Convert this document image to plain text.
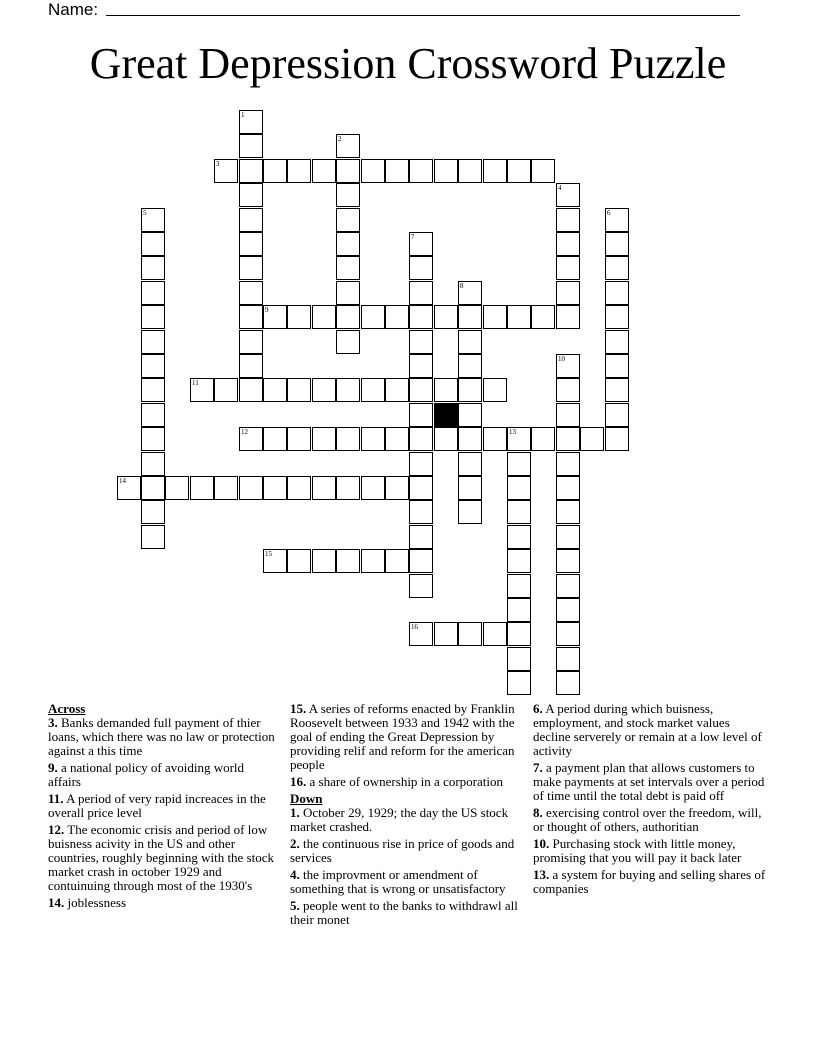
Name:
Great Depression Crossword Puzzle
1
2
3
4
5	6
7
8
9
10
11
12	13
14
15
16
Across
3. Banks demanded full payment of thier loans, which there was no law or protection against a this time
9. a national policy of avoiding world affairs
11. A period of very rapid increaces in the overall price level
12. The economic crisis and period of low buisness acivity in the US and other countries, roughly beginning with the stock market crash in october 1929 and contuinuing through most of the 1930's
14. joblessness
15. A series of reforms enacted by Franklin Roosevelt between 1933 and 1942 with the goal of ending the Great Depression by providing relif and reform for the american people
16. a share of ownership in a corporation
Down
1. October 29, 1929; the day the US stock market crashed.
2. the continuous rise in price of goods and services
4. the improvment or amendment of something that is wrong or unsatisfactory
5. people went to the banks to withdrawl all their monet
6. A period during which buisness, employment, and stock market values decline serverely or remain at a low level of activity
7. a payment plan that allows customers to make payments at set intervals over a period of time until the total debt is paid off
8. exercising control over the freedom, will, or thought of others, authoritian
10. Purchasing stock with little money, promising that you will pay it back later
13. a system for buying and selling shares of companies
